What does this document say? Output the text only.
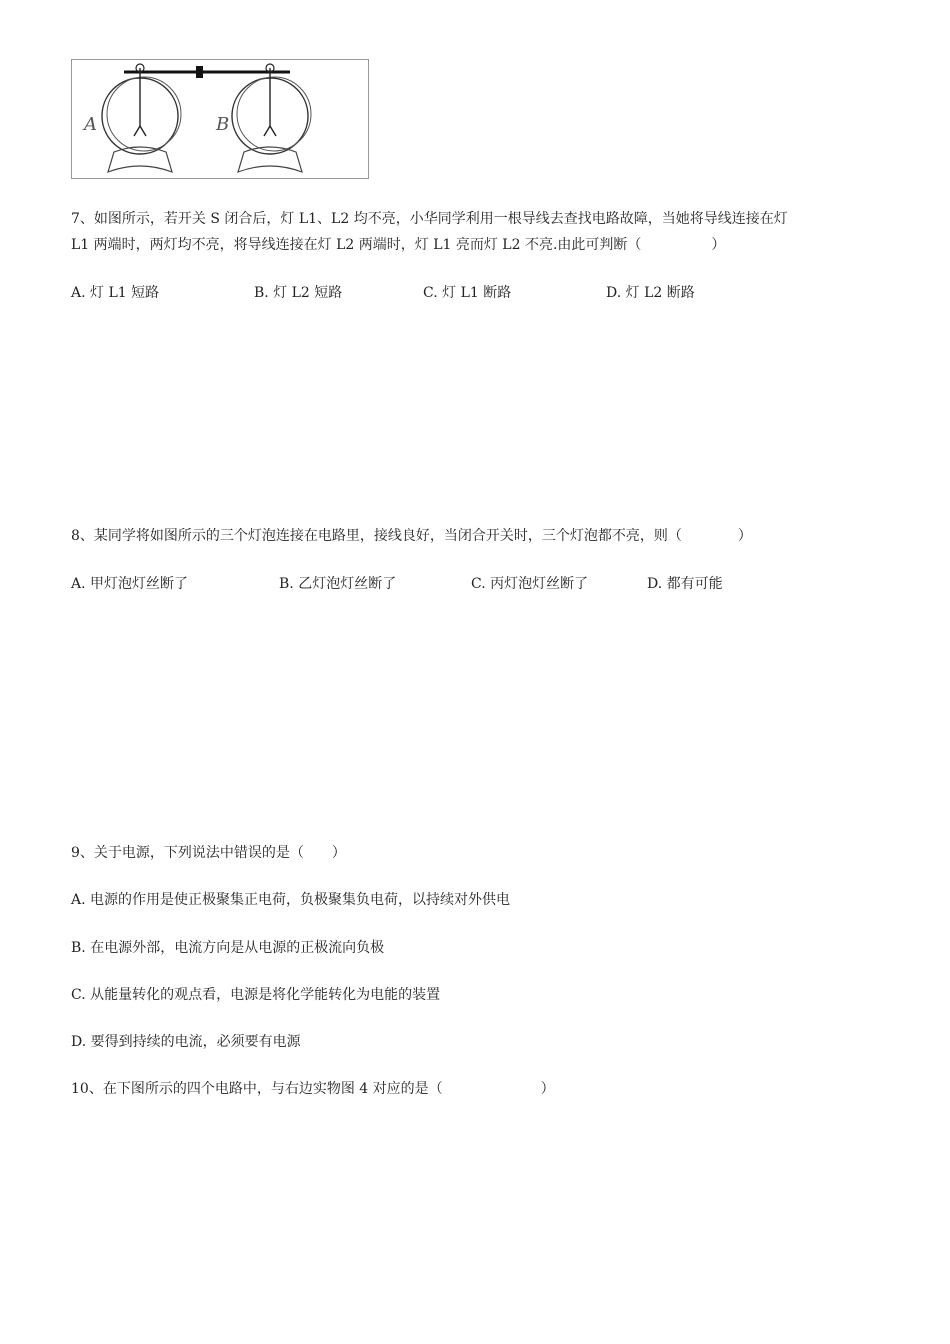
A	B
7、如图所示，若开关 S 闭合后，灯 L1、L2 均不亮，小华同学利用一根导线去查找电路故障，当她将导线连接在灯
L1 两端时，两灯均不亮，将导线连接在灯 L2 两端时，灯 L1 亮而灯 L2 不亮.由此可判断（　　　　　）
A. 灯 L1 短路	B. 灯 L2 短路	C. 灯 L1 断路	D. 灯 L2 断路
8、某同学将如图所示的三个灯泡连接在电路里，接线良好，当闭合开关时，三个灯泡都不亮，则（　　　　）
A. 甲灯泡灯丝断了	B. 乙灯泡灯丝断了	C. 丙灯泡灯丝断了	D. 都有可能
9、关于电源，下列说法中错误的是（　　）
A. 电源的作用是使正极聚集正电荷，负极聚集负电荷，以持续对外供电
B. 在电源外部，电流方向是从电源的正极流向负极
C. 从能量转化的观点看，电源是将化学能转化为电能的装置
D. 要得到持续的电流，必须要有电源
10、在下图所示的四个电路中，与右边实物图 4 对应的是（　　　　　　　）
